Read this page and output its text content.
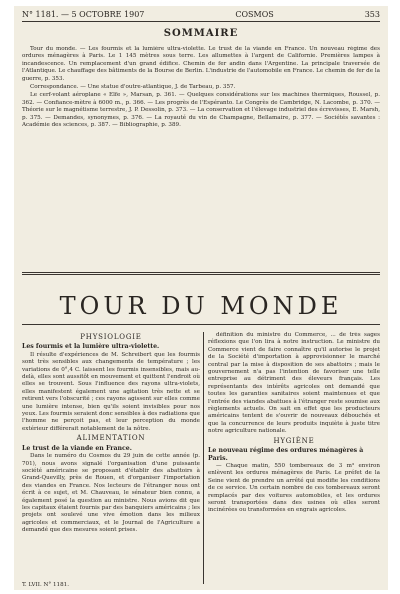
N° 1181. — 5 OCTOBRE 1907	COSMOS	353
SOMMAIRE

Tour du monde. — Les fourmis et la lumière ultra-violette. Le trust de la viande en France. Un nouveau régime des ordures ménagères à Paris. Le 1 145 mètres sous terre. Les allumettes à l'argent de Californie. Premières lampes à incandescence. Un remplacement d'un grand édifice. Chemin de fer andin dans l'Argentine. La principale traversée de l'Atlantique. Le chauffage des bâtiments de la Bourse de Berlin. L'industrie de l'automobile en France. Le chemin de fer de la guerre, p. 353.

Correspondance. — Une statue d'outre-atlantique, J. de Tarbeau, p. 357.

Le cerf-volant aéroplane « Elfe », Marsan, p. 361. — Quelques considérations sur les machines thermiques, Roussel, p. 362. — Confiance-mètre à 6000 m., p. 366. — Les progrès de l'Espéranto. Le Congrès de Cambridge, N. Lacombe, p. 370. — Théorie sur le magnétisme terrestre, J. P. Dessolin, p. 373. — La conservation et l'élevage industriel des écrevisses, E. Marsh, p. 375. — Demandes, synonymes, p. 376. — La royauté du vin de Champagne, Bellamaire, p. 377. — Sociétés savantes : Académie des sciences, p. 387. — Bibliographie, p. 389.

TOUR DU MONDE
PHYSIOLOGIE
Les fourmis et la lumière ultra-violette.
Il résulte d'expériences de M. Schreibert que les fourmis sont très sensibles aux changements de température ; les variations de 0°,4 C. laissent les fourmis insensibles, mais au-delà, elles sont aussitôt en mouvement et quittent l'endroit où elles se trouvent. Sous l'influence des rayons ultra-violets, elles manifestent également une agitation très nette et se retirent vers l'obscurité ; ces rayons agissent sur elles comme une lumière intense, bien qu'ils soient invisibles pour nos yeux. Les fourmis seraient donc sensibles à des radiations que l'homme ne perçoit pas, et leur perception du monde extérieur différerait notablement de la nôtre.
ALIMENTATION
Le trust de la viande en France.
Dans le numéro du Cosmos du 29 juin de cette année (p. 701), nous avons signalé l'organisation d'une puissante société américaine se proposant d'établir des abattoirs à Grand-Quevilly, près de Rouen, et d'organiser l'importation des viandes en France. Nos lecteurs de l'étranger nous ont écrit à ce sujet, et M. Chauveau, le sénateur bien connu, a également posé la question au ministre. Nous avions dit que les capitaux étaient fournis par des banquiers américains ; les projets ont soulevé une vive émotion dans les milieux agricoles et commerciaux, et le Journal de l'Agriculture a demandé que des mesures soient prises.
définition du ministre du Commerce, ... de très sages réflexions que l'on lira à notre instruction. Le ministre du Commerce vient de faire connaître qu'il autorise le projet de la Société d'importation à approvisionner le marché central par la mise à disposition de ses abattoirs ; mais le gouvernement n'a pas l'intention de favoriser une telle entreprise au détriment des éleveurs français. Les représentants des intérêts agricoles ont demandé que toutes les garanties sanitaires soient maintenues et que l'entrée des viandes abattues à l'étranger reste soumise aux règlements actuels. On sait en effet que les producteurs américains tentent de s'ouvrir de nouveaux débouchés et que la concurrence de leurs produits inquiète à juste titre notre agriculture nationale.
HYGIÈNE
Le nouveau régime des ordures ménagères à Paris.
— Chaque matin, 550 tombereaux de 3 m³ environ enlèvent les ordures ménagères de Paris. Le préfet de la Seine vient de prendre un arrêté qui modifie les conditions de ce service. Un certain nombre de ces tombereaux seront remplacés par des voitures automobiles, et les ordures seront transportées dans des usines où elles seront incinérées ou transformées en engrais agricoles.
T. LVII. N° 1181.
